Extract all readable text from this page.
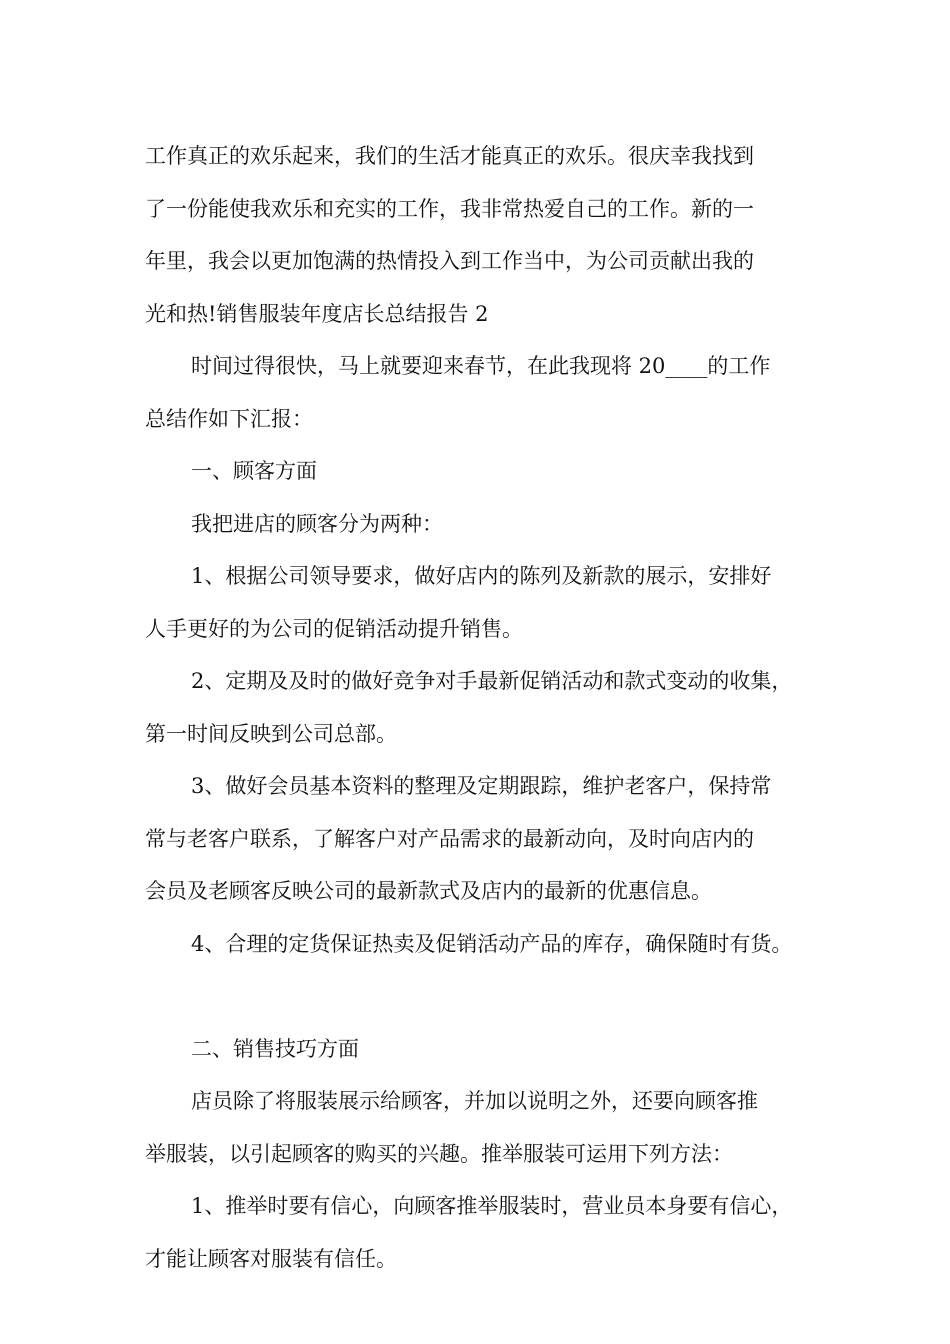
工作真正的欢乐起来，我们的生活才能真正的欢乐。很庆幸我找到
了一份能使我欢乐和充实的工作，我非常热爱自己的工作。新的一
年里，我会以更加饱满的热情投入到工作当中，为公司贡献出我的
光和热!销售服装年度店长总结报告 2
时间过得很快，马上就要迎来春节，在此我现将 20____的工作
总结作如下汇报：
一、顾客方面
我把进店的顾客分为两种：
1、根据公司领导要求，做好店内的陈列及新款的展示，安排好
人手更好的为公司的促销活动提升销售。
2、定期及及时的做好竞争对手最新促销活动和款式变动的收集，
第一时间反映到公司总部。
3、做好会员基本资料的整理及定期跟踪，维护老客户，保持常
常与老客户联系，了解客户对产品需求的最新动向，及时向店内的
会员及老顾客反映公司的最新款式及店内的最新的优惠信息。
4、合理的定货保证热卖及促销活动产品的库存，确保随时有货。
二、销售技巧方面
店员除了将服装展示给顾客，并加以说明之外，还要向顾客推
举服装，以引起顾客的购买的兴趣。推举服装可运用下列方法：
1、推举时要有信心，向顾客推举服装时，营业员本身要有信心，
才能让顾客对服装有信任。
